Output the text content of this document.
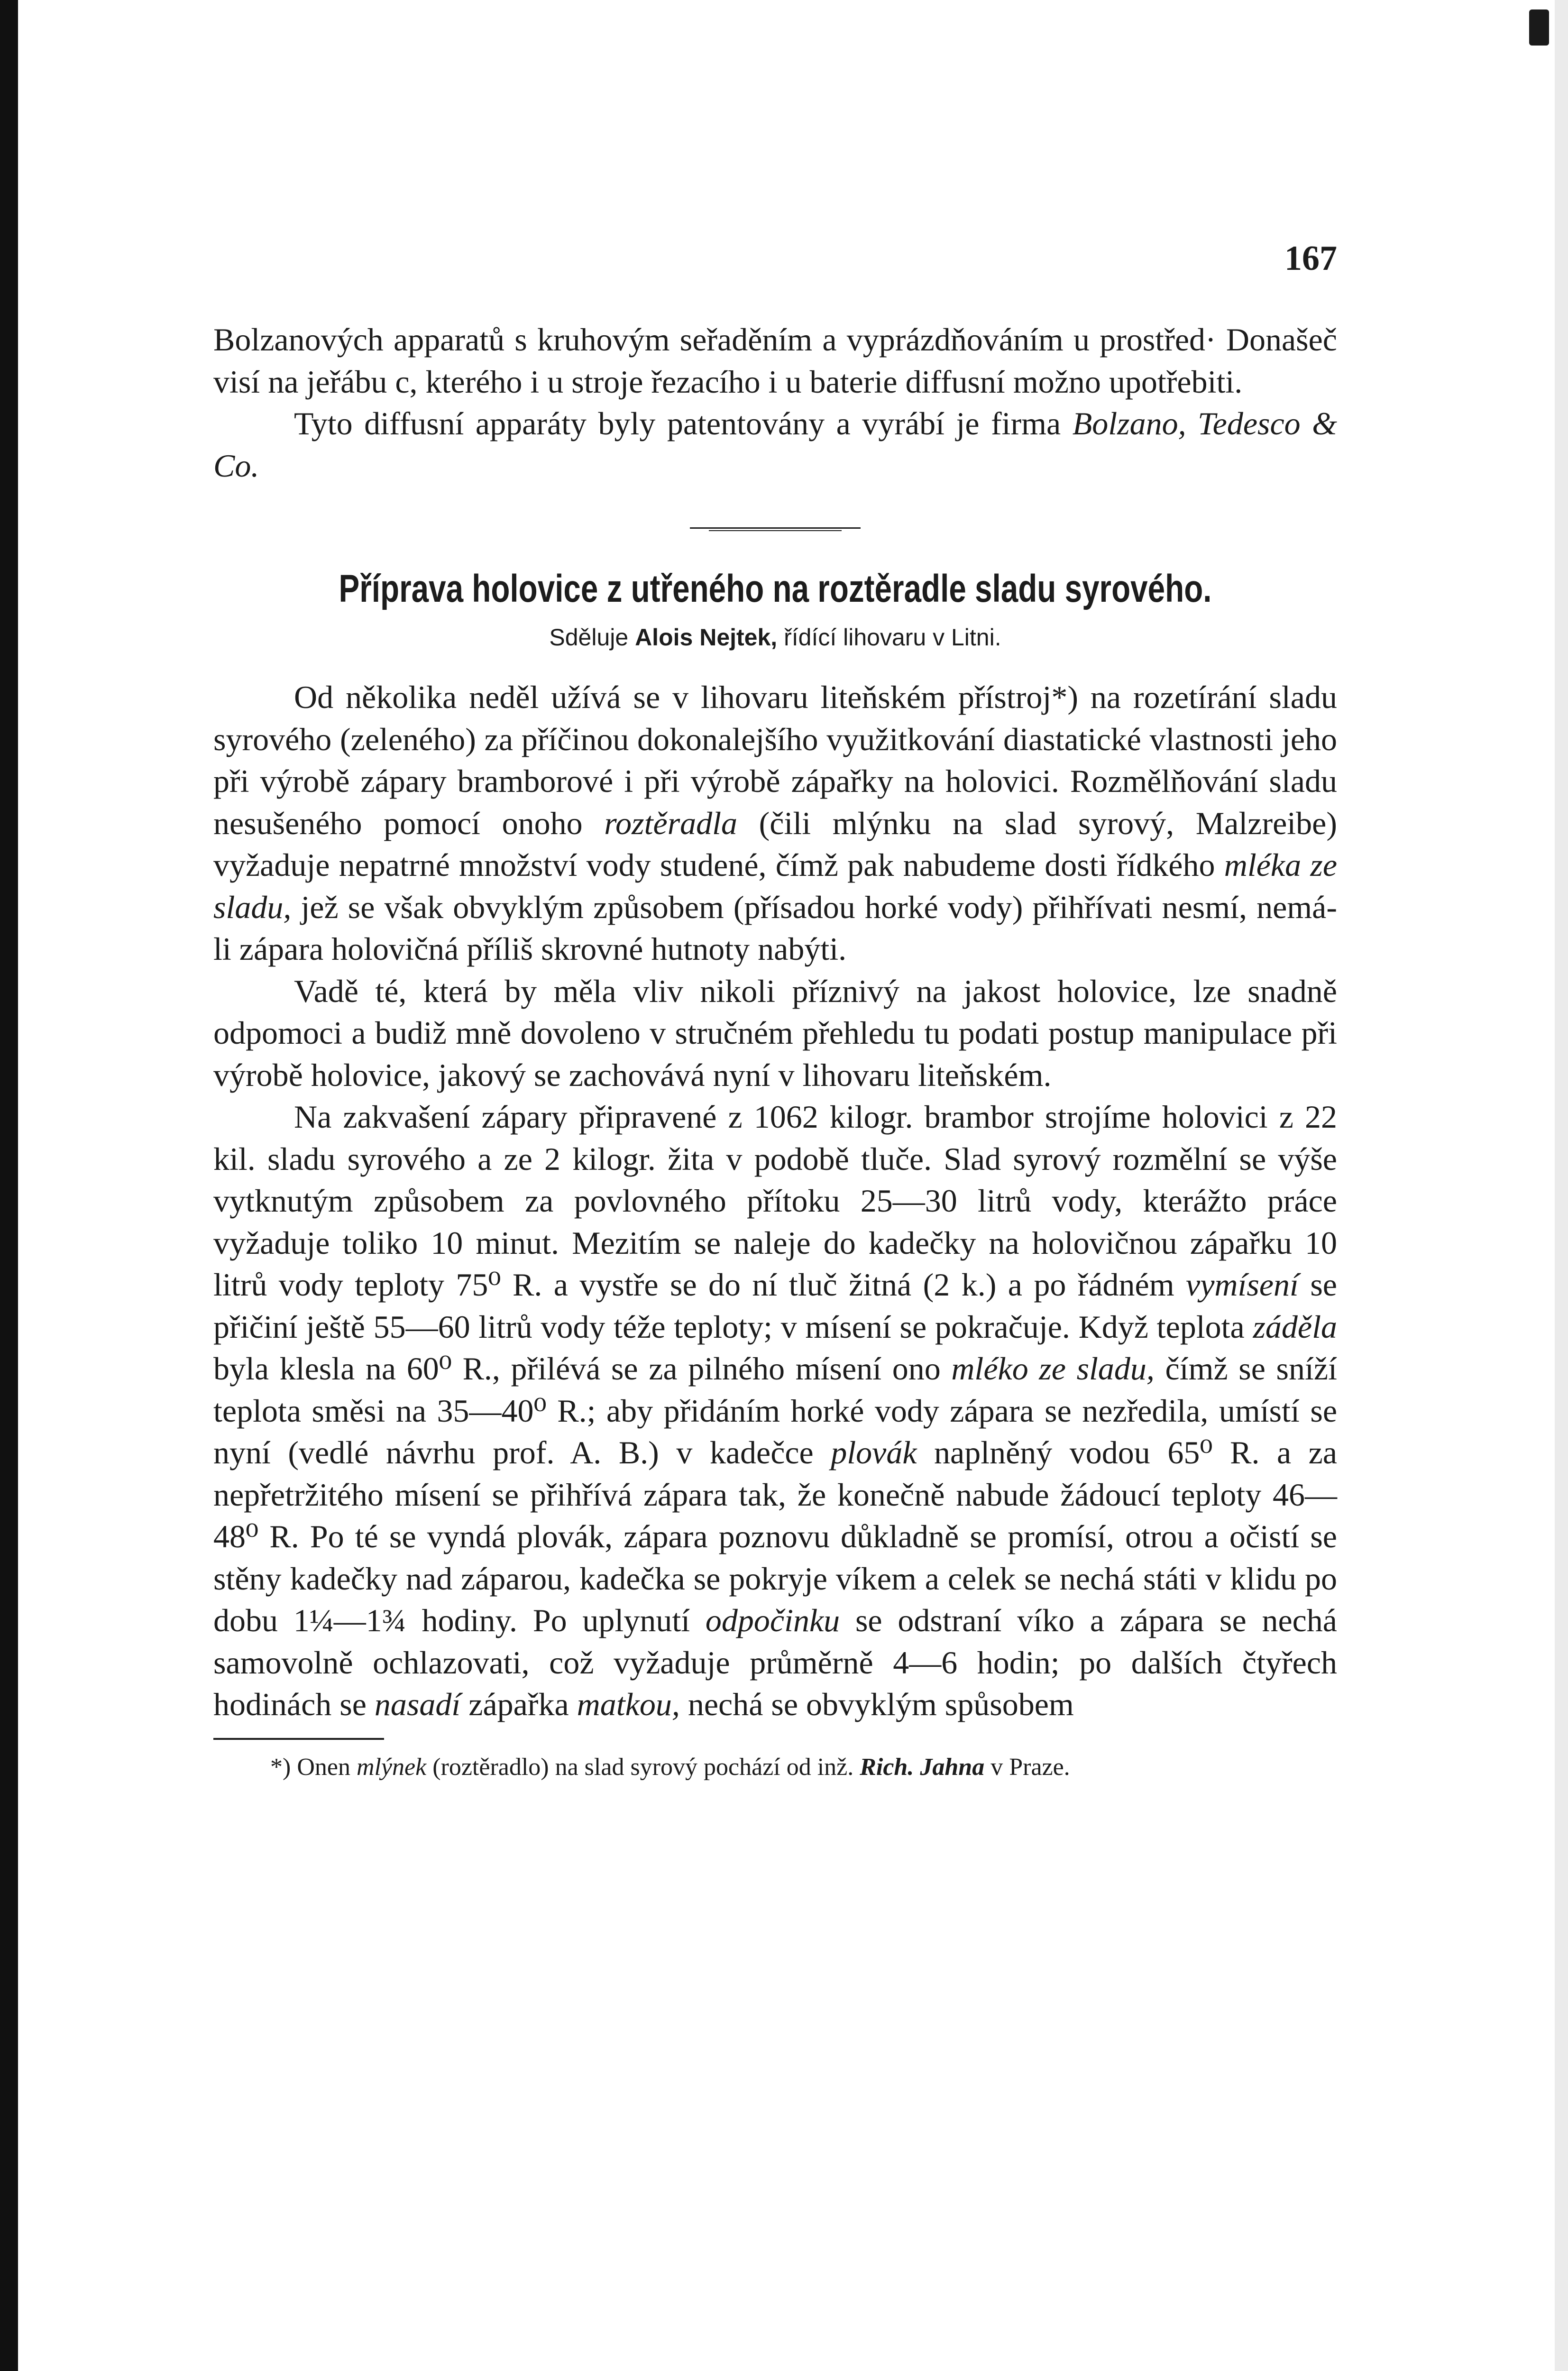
167

Bolzanových apparatů s kruhovým seřaděním a vyprázdňováním u prostřed· Donašeč visí na jeřábu c, kterého i u stroje řezacího i u baterie diffusní možno upotřebiti.

Tyto diffusní apparáty byly patentovány a vyrábí je firma Bolzano, Tedesco & Co.

Příprava holovice z utřeného na roztěradle sladu syrového.
Sděluje Alois Nejtek, řídící lihovaru v Litni.

Od několika neděl užívá se v lihovaru liteňském přístroj*) na rozetírání sladu syrového (zeleného) za příčinou dokonalejšího využitkování diastatické vlastnosti jeho při výrobě zápary bramborové i při výrobě zápařky na holovici. Rozmělňování sladu nesušeného pomocí onoho roztěradla (čili mlýnku na slad syrový, Malzreibe) vyžaduje nepatrné množství vody studené, čímž pak nabudeme dosti řídkého mléka ze sladu, jež se však obvyklým způsobem (přísadou horké vody) přihřívati nesmí, nemá-li zápara holovičná příliš skrovné hutnoty nabýti.

Vadě té, která by měla vliv nikoli příznivý na jakost holovice, lze snadně odpomoci a budiž mně dovoleno v stručném přehledu tu podati postup manipulace při výrobě holovice, jakový se zachovává nyní v lihovaru liteňském.

Na zakvašení zápary připravené z 1062 kilogr. brambor strojíme holovici z 22 kil. sladu syrového a ze 2 kilogr. žita v podobě tluče. Slad syrový rozmělní se výše vytknutým způsobem za povlovného přítoku 25—30 litrů vody, kterážto práce vyžaduje toliko 10 minut. Mezitím se naleje do kadečky na holovičnou zápařku 10 litrů vody teploty 75⁰ R. a vystře se do ní tluč žitná (2 k.) a po řádném vymísení se přičiní ještě 55—60 litrů vody téže teploty; v mísení se pokračuje. Když teplota záděla byla klesla na 60⁰ R., přilévá se za pilného mísení ono mléko ze sladu, čímž se sníží teplota směsi na 35—40⁰ R.; aby přidáním horké vody zápara se nezředila, umístí se nyní (vedlé návrhu prof. A. B.) v kadečce plovák naplněný vodou 65⁰ R. a za nepřetržitého mísení se přihřívá zápara tak, že konečně nabude žádoucí teploty 46—48⁰ R. Po té se vyndá plovák, zápara poznovu důkladně se promísí, otrou a očistí se stěny kadečky nad záparou, kadečka se pokryje víkem a celek se nechá státi v klidu po dobu 1¼—1¾ hodiny. Po uplynutí odpočinku se odstraní víko a zápara se nechá samovolně ochlazovati, což vyžaduje průměrně 4—6 hodin; po dalších čtyřech hodinách se nasadí zápařka matkou, nechá se obvyklým spůsobem

*) Onen mlýnek (roztěradlo) na slad syrový pochází od inž. Rich. Jahna v Praze.
